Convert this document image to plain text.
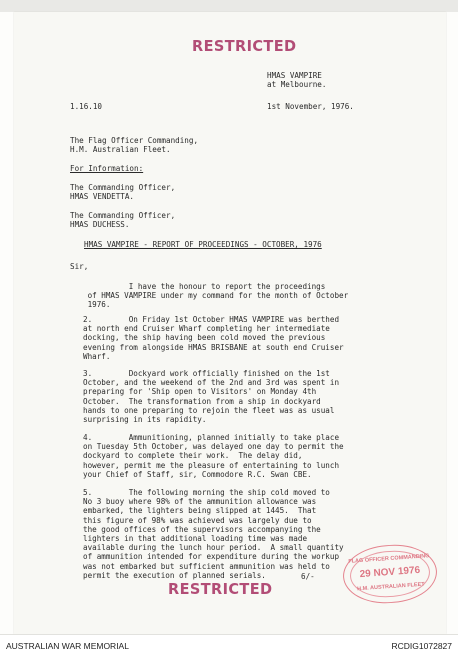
RESTRICTED
HMAS VAMPIRE
at Melbourne.
1.16.10	1st November, 1976.
The Flag Officer Commanding,
H.M. Australian Fleet.
For Information:
The Commanding Officer,
HMAS VENDETTA.
The Commanding Officer,
HMAS DUCHESS.
HMAS VAMPIRE - REPORT OF PROCEEDINGS - OCTOBER, 1976
Sir,
I have the honour to report the proceedings
of HMAS VAMPIRE under my command for the month of October
1976.
2.        On Friday 1st October HMAS VAMPIRE was berthed
at north end Cruiser Wharf completing her intermediate
docking, the ship having been cold moved the previous
evening from alongside HMAS BRISBANE at south end Cruiser
Wharf.
3.        Dockyard work officially finished on the 1st
October, and the weekend of the 2nd and 3rd was spent in
preparing for 'Ship open to Visitors' on Monday 4th
October.  The transformation from a ship in dockyard
hands to one preparing to rejoin the fleet was as usual
surprising in its rapidity.
4.        Ammunitioning, planned initially to take place
on Tuesday 5th October, was delayed one day to permit the
dockyard to complete their work.  The delay did,
however, permit me the pleasure of entertaining to lunch
your Chief of Staff, sir, Commodore R.C. Swan CBE.
5.        The following morning the ship cold moved to
No 3 buoy where 98% of the ammunition allowance was
embarked, the lighters being slipped at 1445.  That
this figure of 98% was achieved was largely due to
the good offices of the supervisors accompanying the
lighters in that additional loading time was made
available during the lunch hour period.  A small quantity
of ammunition intended for expenditure during the workup
was not embarked but sufficient ammunition was held to
permit the execution of planned serials.	6/-
RESTRICTED
FLAG OFFICER COMMANDING
29 NOV 1976
H.M. AUSTRALIAN FLEET
AUSTRALIAN WAR MEMORIAL	RCDIG1072827
